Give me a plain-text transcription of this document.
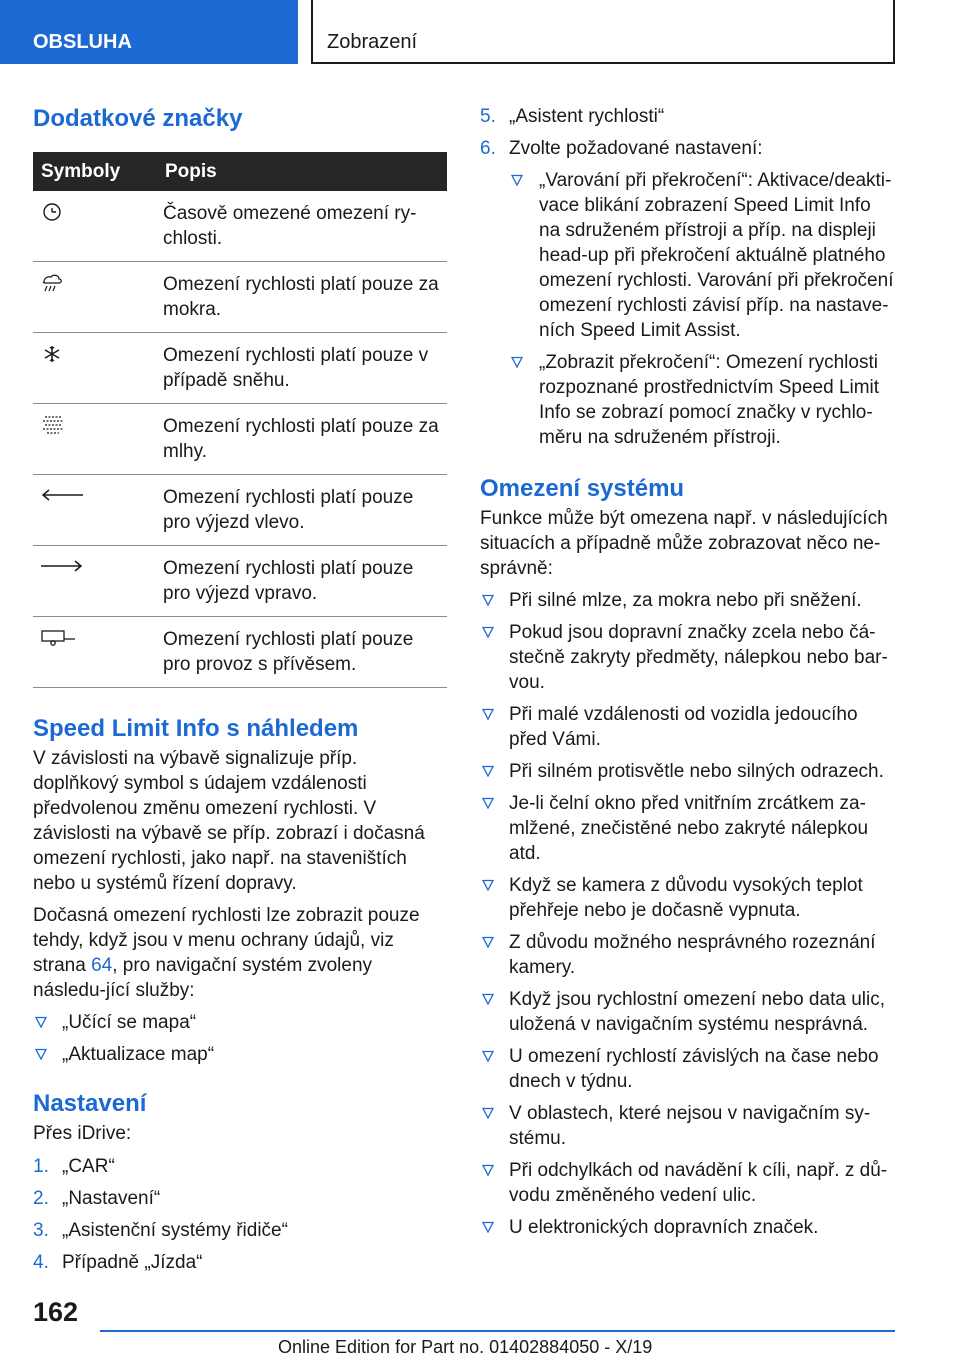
OBSLUHA	Zobrazení
Dodatkové značky
Symboly	Popis

	Časově omezené omezení ry-chlosti.

	Omezení rychlosti platí pouze za mokra.

	Omezení rychlosti platí pouze v případě sněhu.

	Omezení rychlosti platí pouze za mlhy.

	Omezení rychlosti platí pouze pro výjezd vlevo.

	Omezení rychlosti platí pouze pro výjezd vpravo.

	Omezení rychlosti platí pouze pro provoz s přívěsem.
Speed Limit Info s náhledem

V závislosti na výbavě signalizuje příp. doplňkový symbol s údajem vzdálenosti předvolenou změnu omezení rychlosti. V závislosti na výbavě se příp. zobrazí i dočasná omezení rychlosti, jako např. na staveništích nebo u systémů řízení dopravy.

Dočasná omezení rychlosti lze zobrazit pouze tehdy, když jsou v menu ochrany údajů, viz strana 64, pro navigační systém zvoleny následu-jící služby:

„Učící se mapa“
„Aktualizace map“
Nastavení

Přes iDrive:

1. „CAR“
2. „Nastavení“
3. „Asistenční systémy řidiče“
4. Případně „Jízda“
5. „Asistent rychlosti“
6. Zvolte požadované nastavení:
„Varování při překročení“: Aktivace/deakti-vace blikání zobrazení Speed Limit Info na sdruženém přístroji a příp. na displeji head-up při překročení aktuálně platného omezení rychlosti. Varování při překročení omezení rychlosti závisí příp. na nastave-ních Speed Limit Assist.
„Zobrazit překročení“: Omezení rychlosti rozpoznané prostřednictvím Speed Limit Info se zobrazí pomocí značky v rychlo-měru na sdruženém přístroji.
Omezení systému

Funkce může být omezena např. v následujících situacích a případně může zobrazovat něco ne-správně:

Při silné mlze, za mokra nebo při sněžení.
Pokud jsou dopravní značky zcela nebo čá-stečně zakryty předměty, nálepkou nebo bar-vou.
Při malé vzdálenosti od vozidla jedoucího před Vámi.
Při silném protisvětle nebo silných odrazech.
Je-li čelní okno před vnitřním zrcátkem za-mlžené, znečistěné nebo zakryté nálepkou atd.
Když se kamera z důvodu vysokých teplot přehřeje nebo je dočasně vypnuta.
Z důvodu možného nesprávného rozeznání kamery.
Když jsou rychlostní omezení nebo data ulic, uložená v navigačním systému nesprávná.
U omezení rychlostí závislých na čase nebo dnech v týdnu.
V oblastech, které nejsou v navigačním sy-stému.
Při odchylkách od navádění k cíli, např. z dů-vodu změněného vedení ulic.
U elektronických dopravních značek.
162
Online Edition for Part no. 01402884050 - X/19
